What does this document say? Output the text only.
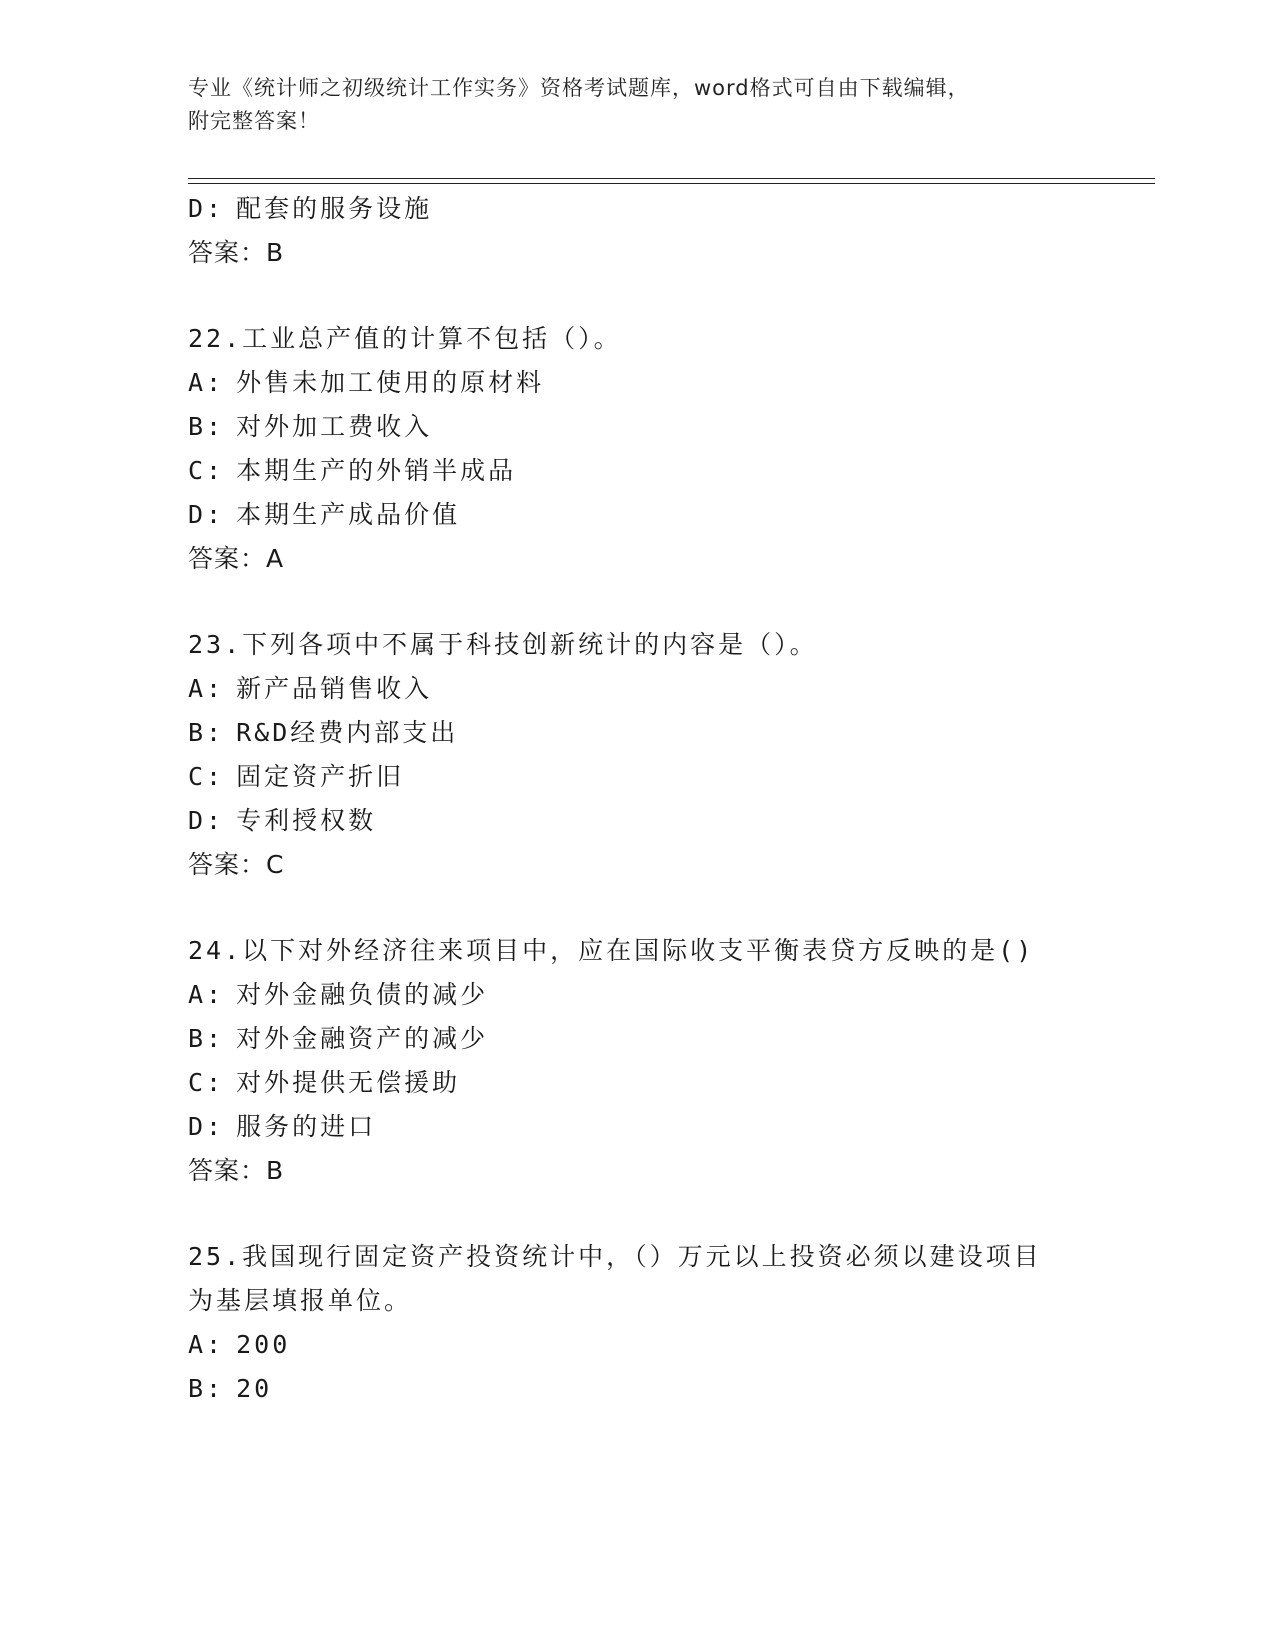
专业《统计师之初级统计工作实务》资格考试题库，word格式可自由下载编辑，
附完整答案！
D: 配套的服务设施
答案：B
22.工业总产值的计算不包括（）。
A: 外售未加工使用的原材料
B: 对外加工费收入
C: 本期生产的外销半成品
D: 本期生产成品价值
答案：A
23.下列各项中不属于科技创新统计的内容是（）。
A: 新产品销售收入
B: R&D经费内部支出
C: 固定资产折旧
D: 专利授权数
答案：C
24.以下对外经济往来项目中，应在国际收支平衡表贷方反映的是()
A: 对外金融负债的减少
B: 对外金融资产的减少
C: 对外提供无偿援助
D: 服务的进口
答案：B
25.我国现行固定资产投资统计中，（）万元以上投资必须以建设项目
为基层填报单位。
A: 200
B: 20
